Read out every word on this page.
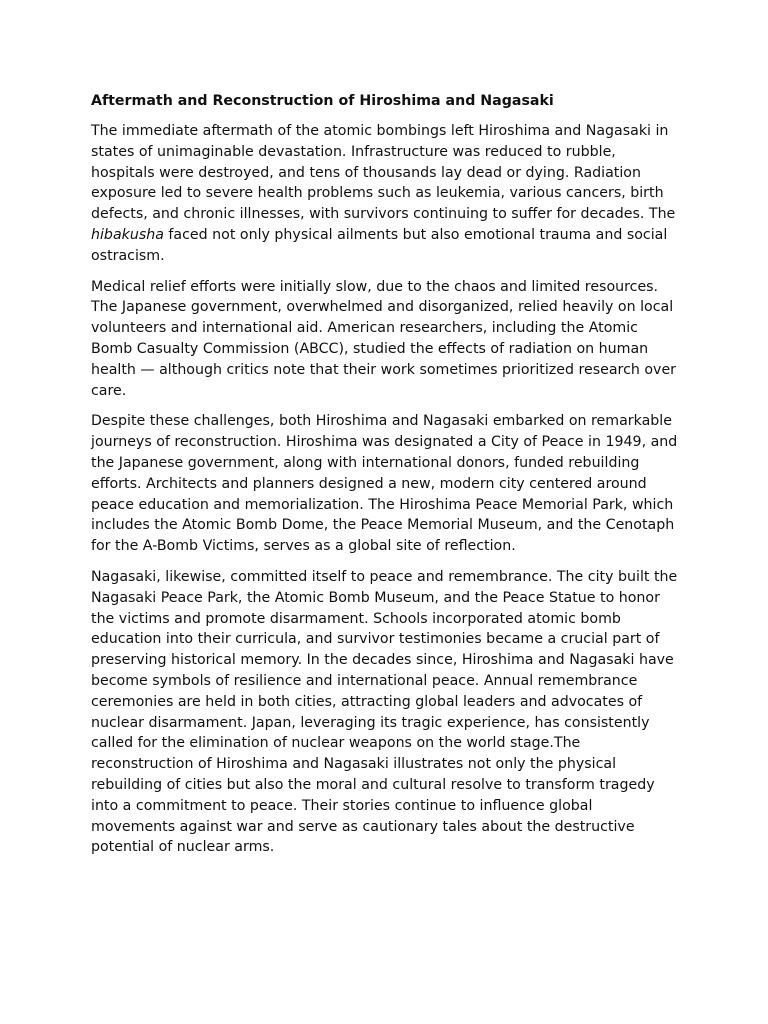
Aftermath and Reconstruction of Hiroshima and Nagasaki

The immediate aftermath of the atomic bombings left Hiroshima and Nagasaki in states of unimaginable devastation. Infrastructure was reduced to rubble, hospitals were destroyed, and tens of thousands lay dead or dying. Radiation exposure led to severe health problems such as leukemia, various cancers, birth defects, and chronic illnesses, with survivors continuing to suffer for decades. The hibakusha faced not only physical ailments but also emotional trauma and social ostracism.

Medical relief efforts were initially slow, due to the chaos and limited resources. The Japanese government, overwhelmed and disorganized, relied heavily on local volunteers and international aid. American researchers, including the Atomic Bomb Casualty Commission (ABCC), studied the effects of radiation on human health — although critics note that their work sometimes prioritized research over care.

Despite these challenges, both Hiroshima and Nagasaki embarked on remarkable journeys of reconstruction. Hiroshima was designated a City of Peace in 1949, and the Japanese government, along with international donors, funded rebuilding efforts. Architects and planners designed a new, modern city centered around peace education and memorialization. The Hiroshima Peace Memorial Park, which includes the Atomic Bomb Dome, the Peace Memorial Museum, and the Cenotaph for the A-Bomb Victims, serves as a global site of reflection.

Nagasaki, likewise, committed itself to peace and remembrance. The city built the Nagasaki Peace Park, the Atomic Bomb Museum, and the Peace Statue to honor the victims and promote disarmament. Schools incorporated atomic bomb education into their curricula, and survivor testimonies became a crucial part of preserving historical memory. In the decades since, Hiroshima and Nagasaki have become symbols of resilience and international peace. Annual remembrance ceremonies are held in both cities, attracting global leaders and advocates of nuclear disarmament. Japan, leveraging its tragic experience, has consistently called for the elimination of nuclear weapons on the world stage.The reconstruction of Hiroshima and Nagasaki illustrates not only the physical rebuilding of cities but also the moral and cultural resolve to transform tragedy into a commitment to peace. Their stories continue to influence global movements against war and serve as cautionary tales about the destructive potential of nuclear arms.
